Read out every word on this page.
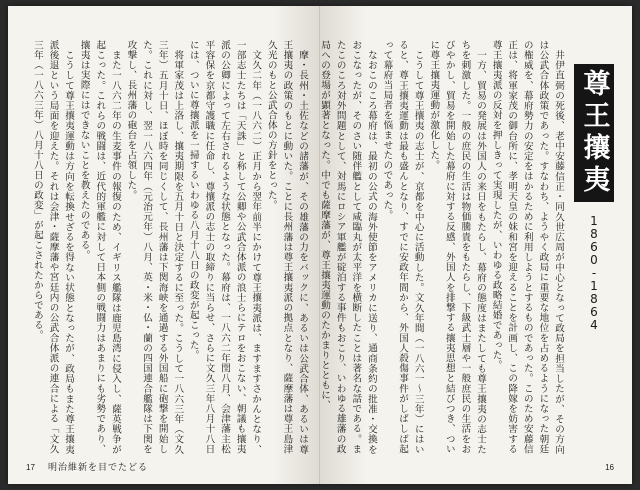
摩・長州・土佐などの諸藩が、その雄藩の力をバックに、あるいは公武合体、あるいは尊王攘夷の政策のもとに動いた。ことに長州藩は尊王攘夷派の拠点となり、薩摩藩は尊王島津久光のもと公武合体の方針をとった。

文久二年（一八六二）正月から翌年前半にかけて尊王攘夷派は、ますますさかんとなり、一部志士たちは「天誅」と称して公卿や公武合体派の浪士らにテロをおこない、朝議も攘夷派の公卿によって左右されるような状態となった。幕府は、一八六二年閏八月、会津藩主松平容保を京都守護職に任命し、尊攘派の志士の取締りに当らせ、さらに文久三年八月十八日には、ついに尊攘派を一掃するいわゆる八月十八日の政変が起こった。

将軍家茂は上洛し、攘夷期限を五月十日と決定するに至った。こうして一八六三年（文久三年）五月十日、ほぼ時を同じくして、長州藩は下関海峡を通過する外国船に砲撃を開始した。これに対し、翌一八六四年（元治元年）八月、英・米・仏・蘭の四国連合艦隊は下関を攻撃し、長州藩の砲台を占領した。

また一八六二年の生麦事件の報復のため、イギリス艦隊は鹿児島湾に侵入し、薩英戦争が起こった。これらの戦闘は、近代的軍艦に対して日本側の戦闘力はあまりにも劣勢であり、攘夷は実際にはできないことを教えたのである。

こうして尊王攘夷運動は方向を転換せざるを得ない状態となったが、政局もまた尊王攘夷派後退という局面を迎えた。それは会津・薩摩藩や宮廷内の公武合体派の連合による「文久三年（一八六三年）八月十八日の政変」が起こされたからである。

17 明治維新を目でたどる
尊王攘夷
1860-1864

井伊直弼の死後、老中安藤信正・同久世広周が中心となって政局を担当したが、その方向は公武合体政策であった。すなわち、ようやく政局に重要な地位を占めるようになった朝廷の権威を、幕府勢力の安定をはかるために利用しようとするものであった。このため安藤信正は、将軍家茂の御台所に、孝明天皇の妹和宮を迎えることを計画し、この降嫁を妨害する尊王攘夷派の反対を押しきって実現したが、いわゆる政略結婚であった。

一方、貿易の発展は外国人の来日をもたらし、幕府の態度はまたしても尊王攘夷の志士たちを刺激した。一般の庶民の生活は物価騰貴をもたらし、下級武士層や一般庶民の生活をおびやかし、貿易を開始した幕府に対する反感、外国人を排撃する攘夷思想と結びつき、ついに尊王攘夷運動が激化した。

こうして尊王攘夷の志士が、京都を中心に活動した。文久年間（一八六一～三年）にはいると、尊王攘夷運動は最も盛んとなり、すでに安政年間から、外国人殺傷事件がしばしば起って幕府当局者を悩ませたのであった。

なおこのころ幕府は、最初の公式の海外使節をアメリカに送り、通商条約の批准・交換をおこなったが、そのさい随伴艦として咸臨丸が太平洋を横断したことは著名な話である。またこのころ対外問題として、対馬にロシア軍艦が碇泊する事件もおこり、いわゆる雄藩の政局への登場が顕著となった。中でも薩摩藩が、尊王攘夷運動のたかまりとともに、

16
